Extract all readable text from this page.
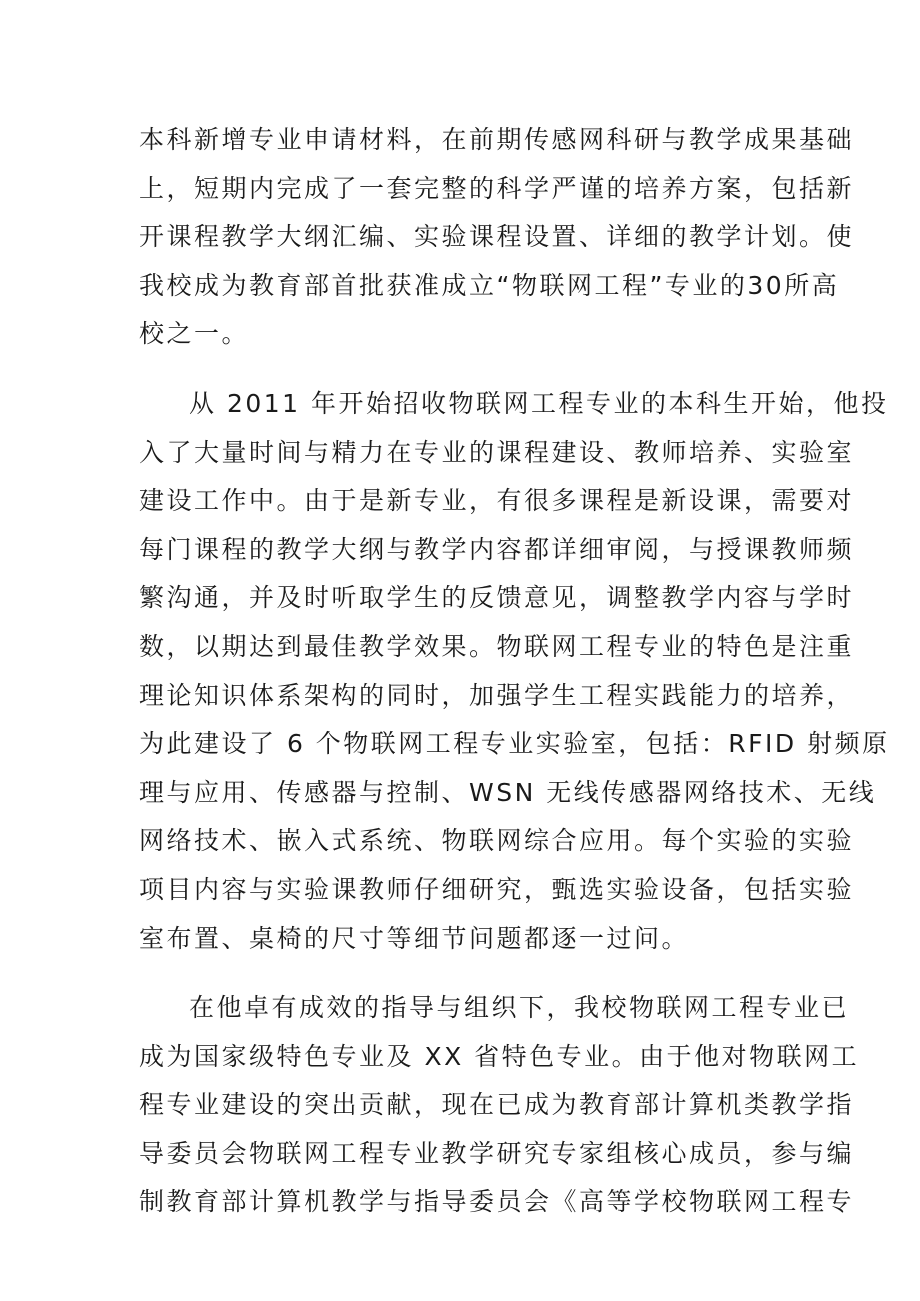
本科新增专业申请材料，在前期传感网科研与教学成果基础
上，短期内完成了一套完整的科学严谨的培养方案，包括新
开课程教学大纲汇编、实验课程设置、详细的教学计划。使
我校成为教育部首批获准成立“物联网工程”专业的30所高
校之一。
从 2011 年开始招收物联网工程专业的本科生开始，他投
入了大量时间与精力在专业的课程建设、教师培养、实验室
建设工作中。由于是新专业，有很多课程是新设课，需要对
每门课程的教学大纲与教学内容都详细审阅，与授课教师频
繁沟通，并及时听取学生的反馈意见，调整教学内容与学时
数，以期达到最佳教学效果。物联网工程专业的特色是注重
理论知识体系架构的同时，加强学生工程实践能力的培养，
为此建设了 6 个物联网工程专业实验室，包括：RFID 射频原
理与应用、传感器与控制、WSN 无线传感器网络技术、无线
网络技术、嵌入式系统、物联网综合应用。每个实验的实验
项目内容与实验课教师仔细研究，甄选实验设备，包括实验
室布置、桌椅的尺寸等细节问题都逐一过问。
在他卓有成效的指导与组织下，我校物联网工程专业已
成为国家级特色专业及 XX 省特色专业。由于他对物联网工
程专业建设的突出贡献，现在已成为教育部计算机类教学指
导委员会物联网工程专业教学研究专家组核心成员，参与编
制教育部计算机教学与指导委员会《高等学校物联网工程专
